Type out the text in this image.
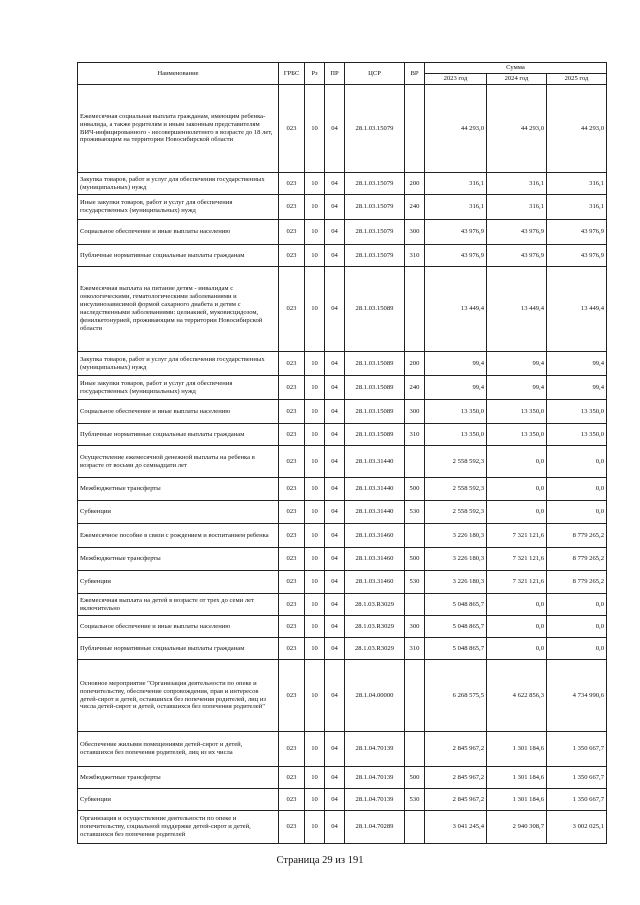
Наименование	ГРБС	Рз	ПР	ЦСР	ВР	Сумма		
						2023 год	2024 год	2025 год
Ежемесячная социальная выплата гражданам, имеющим ребенка-инвалида, а также родителям и иным законным представителям ВИЧ-инфицированного - несовершеннолетнего в возрасте до 18 лет, проживающим на территории Новосибирской области	023	10	04	28.1.03.15079		44 293,0	44 293,0	44 293,0
Закупка товаров, работ и услуг для обеспечения государственных (муниципальных) нужд	023	10	04	28.1.03.15079	200	316,1	316,1	316,1
Иные закупки товаров, работ и услуг для обеспечения государственных (муниципальных) нужд	023	10	04	28.1.03.15079	240	316,1	316,1	316,1
Социальное обеспечение и иные выплаты населению	023	10	04	28.1.03.15079	300	43 976,9	43 976,9	43 976,9
Публичные нормативные социальные выплаты гражданам	023	10	04	28.1.03.15079	310	43 976,9	43 976,9	43 976,9
Ежемесячная выплата на питание детям - инвалидам с онкологическими, гематологическими заболеваниями и инсулинозависимой формой сахарного диабета и детям с наследственными заболеваниями: целиакией, муковисцидозом, фенилкетонурией, проживающим на территории Новосибирской области	023	10	04	28.1.03.15089		13 449,4	13 449,4	13 449,4
Закупка товаров, работ и услуг для обеспечения государственных (муниципальных) нужд	023	10	04	28.1.03.15089	200	99,4	99,4	99,4
Иные закупки товаров, работ и услуг для обеспечения государственных (муниципальных) нужд	023	10	04	28.1.03.15089	240	99,4	99,4	99,4
Социальное обеспечение и иные выплаты населению	023	10	04	28.1.03.15089	300	13 350,0	13 350,0	13 350,0
Публичные нормативные социальные выплаты гражданам	023	10	04	28.1.03.15089	310	13 350,0	13 350,0	13 350,0
Осуществление ежемесячной денежной выплаты на ребенка в возрасте от восьми до семнадцати лет	023	10	04	28.1.03.31440		2 558 592,3	0,0	0,0
Межбюджетные трансферты	023	10	04	28.1.03.31440	500	2 558 592,3	0,0	0,0
Субвенции	023	10	04	28.1.03.31440	530	2 558 592,3	0,0	0,0
Ежемесячное пособие в связи с рождением и воспитанием ребенка	023	10	04	28.1.03.31460		3 226 180,3	7 321 121,6	8 779 265,2
Межбюджетные трансферты	023	10	04	28.1.03.31460	500	3 226 180,3	7 321 121,6	8 779 265,2
Субвенции	023	10	04	28.1.03.31460	530	3 226 180,3	7 321 121,6	8 779 265,2
Ежемесячная выплата на детей в возрасте от трех до семи лет включительно	023	10	04	28.1.03.R3029		5 048 865,7	0,0	0,0
Социальное обеспечение и иные выплаты населению	023	10	04	28.1.03.R3029	300	5 048 865,7	0,0	0,0
Публичные нормативные социальные выплаты гражданам	023	10	04	28.1.03.R3029	310	5 048 865,7	0,0	0,0
Основное мероприятие "Организация деятельности по опеке и попечительству, обеспечение сопровождения, прав и интересов детей-сирот и детей, оставшихся без попечения родителей, лиц из числа детей-сирот и детей, оставшихся без попечения родителей"	023	10	04	28.1.04.00000		6 268 575,5	4 622 856,3	4 734 990,6
Обеспечение жилыми помещениями детей-сирот и детей, оставшихся без попечения родителей, лиц из их числа	023	10	04	28.1.04.70139		2 845 967,2	1 301 184,6	1 350 667,7
Межбюджетные трансферты	023	10	04	28.1.04.70139	500	2 845 967,2	1 301 184,6	1 350 667,7
Субвенции	023	10	04	28.1.04.70139	530	2 845 967,2	1 301 184,6	1 350 667,7
Организация и осуществление деятельности по опеке и попечительству, социальной поддержке детей-сирот и детей, оставшихся без попечения родителей	023	10	04	28.1.04.70289		3 041 245,4	2 940 308,7	3 002 025,1
Страница 29 из 191
